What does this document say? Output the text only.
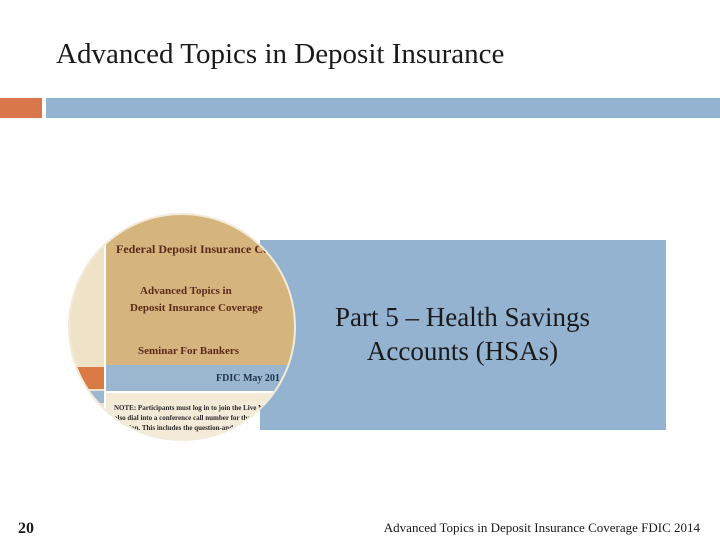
Advanced Topics in Deposit Insurance
Federal Deposit Insurance Corpo
Advanced Topics in
Deposit Insurance Coverage
Seminar For Bankers
FDIC May 201
NOTE: Participants must log in to join the Live Meeting pr also dial into a conference call number for the audio por entation. This includes the question-and-answ
Part 5 – Health Savings Accounts (HSAs)
20	Advanced Topics in Deposit Insurance Coverage FDIC 2014
